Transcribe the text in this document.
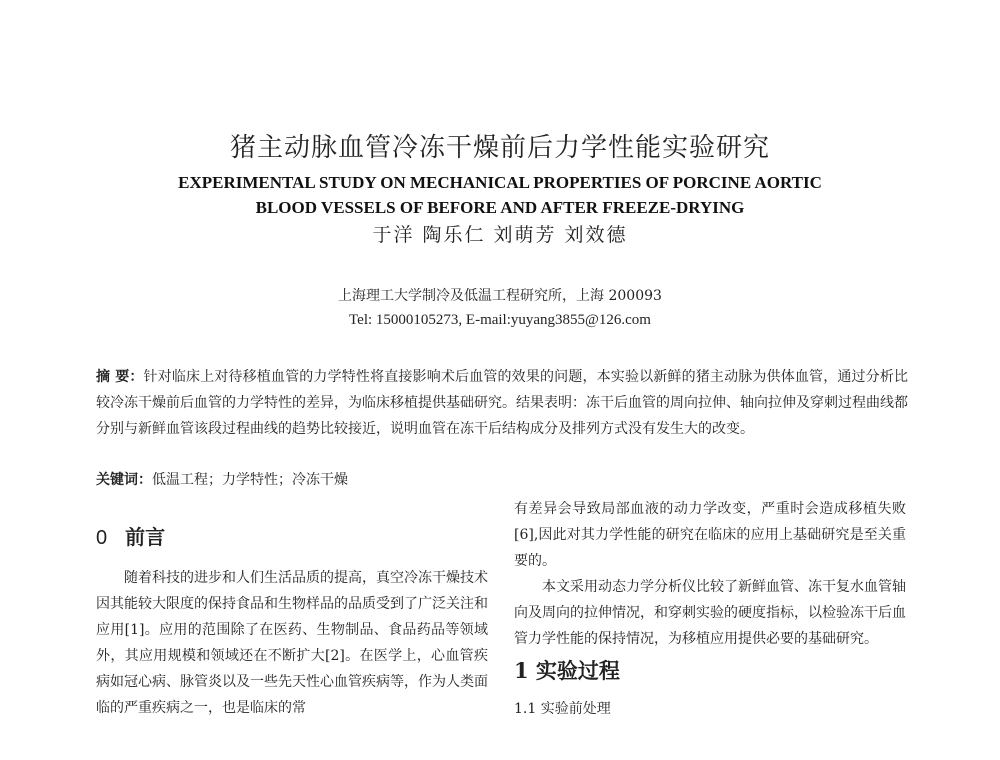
猪主动脉血管冷冻干燥前后力学性能实验研究
EXPERIMENTAL STUDY ON MECHANICAL PROPERTIES OF PORCINE AORTIC
BLOOD VESSELS OF BEFORE AND AFTER FREEZE-DRYING
于洋 陶乐仁 刘萌芳 刘效德
上海理工大学制冷及低温工程研究所，上海 200093
Tel: 15000105273, E-mail:yuyang3855@126.com
摘 要：针对临床上对待移植血管的力学特性将直接影响术后血管的效果的问题，本实验以新鲜的猪主动脉为供体血管，通过分析比较冷冻干燥前后血管的力学特性的差异，为临床移植提供基础研究。结果表明：冻干后血管的周向拉伸、轴向拉伸及穿刺过程曲线都分别与新鲜血管该段过程曲线的趋势比较接近，说明血管在冻干后结构成分及排列方式没有发生大的改变。
关键词：低温工程；力学特性；冷冻干燥
0 前言

随着科技的进步和人们生活品质的提高，真空冷冻干燥技术因其能较大限度的保持食品和生物样品的品质受到了广泛关注和应用[1]。应用的范围除了在医药、生物制品、食品药品等领域外，其应用规模和领域还在不断扩大[2]。在医学上，心血管疾病如冠心病、脉管炎以及一些先天性心血管疾病等，作为人类面临的严重疾病之一，也是临床的常

有差异会导致局部血液的动力学改变，严重时会造成移植失败[6],因此对其力学性能的研究在临床的应用上基础研究是至关重要的。

本文采用动态力学分析仪比较了新鲜血管、冻干复水血管轴向及周向的拉伸情况，和穿刺实验的硬度指标，以检验冻干后血管力学性能的保持情况，为移植应用提供必要的基础研究。

1 实验过程
1.1 实验前处理
